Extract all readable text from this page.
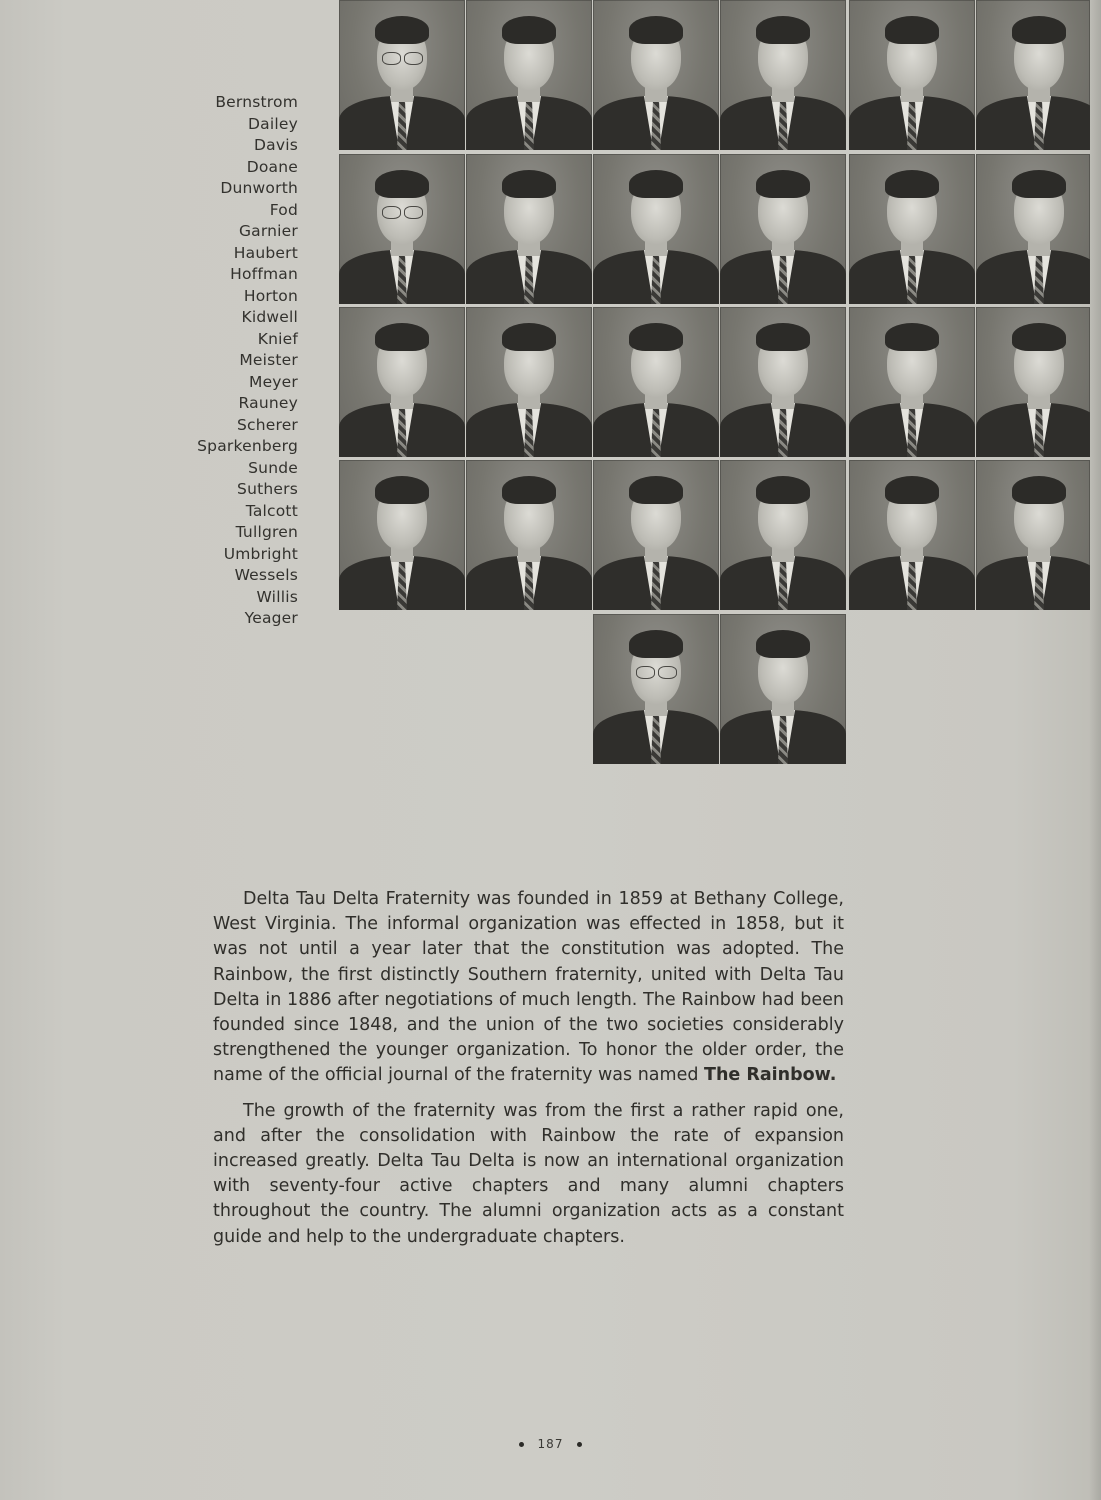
Bernstrom
Dailey
Davis
Doane
Dunworth
Fod
Garnier
Haubert
Hoffman
Horton
Kidwell
Knief
Meister
Meyer
Rauney
Scherer
Sparkenberg
Sunde
Suthers
Talcott
Tullgren
Umbright
Wessels
Willis
Yeager

Delta Tau Delta Fraternity was founded in 1859 at Bethany College, West Virginia. The informal organization was effected in 1858, but it was not until a year later that the constitution was adopted. The Rainbow, the first distinctly Southern fraternity, united with Delta Tau Delta in 1886 after negotiations of much length. The Rainbow had been founded since 1848, and the union of the two societies considerably strengthened the younger organization. To honor the older order, the name of the official journal of the fraternity was named The Rainbow.

The growth of the fraternity was from the first a rather rapid one, and after the consolidation with Rainbow the rate of expansion increased greatly. Delta Tau Delta is now an international organization with seventy-four active chapters and many alumni chapters throughout the country. The alumni organization acts as a constant guide and help to the undergraduate chapters.

187
